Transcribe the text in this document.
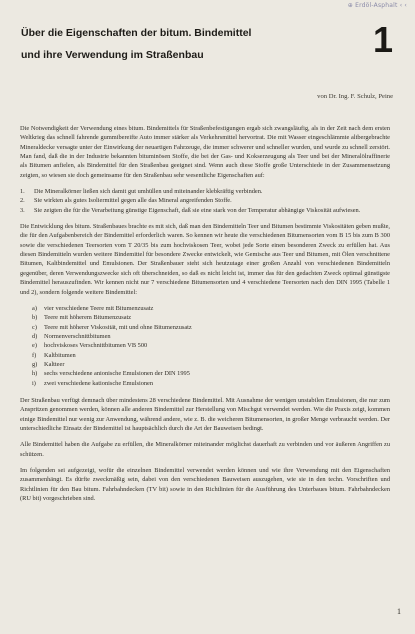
⊕ Erdöl-Asphalt ‹ ‹
Über die Eigenschaften der bitum. Bindemittel
und ihre Verwendung im Straßenbau	1
von Dr. Ing. F. Schulz, Peine

Die Notwendigkeit der Verwendung eines bitum. Bindemittels für Straßenbefestigungen ergab sich zwangsläufig, als in der Zeit nach dem ersten Weltkrieg das schnell fahrende gummibereifte Auto immer stärker als Verkehrsmittel hervortrat. Die mit Wasser eingeschlämmte altbergebrachte Mineraldecke versagte unter der Einwirkung der neuartigen Fahrzeuge, die immer schwerer und schneller wurden, und wurde zu schnell zerstört. Man fand, daß die in der Industrie bekannten bituminösen Stoffe, die bei der Gas- und Kokserzeugung als Teer und bei der Mineralölraffinerie als Bitumen anfielen, als Bindemittel für den Straßenbau geeignet sind. Wenn auch diese Stoffe große Unterschiede in der Zusammensetzung zeigten, so wiesen sie doch gemeinsame für den Straßenbau sehr wesentliche Eigenschaften auf:

1. Die Mineralkörner ließen sich damit gut umhüllen und miteinander klebkräftig verbinden.
2. Sie wirkten als gutes Isoliermittel gegen alle das Mineral angreifenden Stoffe.
3. Sie zeigten die für die Verarbeitung günstige Eigenschaft, daß sie eine stark von der Temperatur abhängige Viskosität aufwiesen.

Die Entwicklung des bitum. Straßenbaues brachte es mit sich, daß man den Bindemitteln Teer und Bitumen bestimmte Viskositäten geben mußte, die für den Aufgabenbereich der Bindemittel erforderlich waren. So kennen wir heute die verschiedenen Bitumensorten vom B 15 bis zum B 300 sowie die verschiedenen Teersorten vom T 20/35 bis zum hochviskosen Teer, wobei jede Sorte einen besonderen Zweck zu erfüllen hat. Aus diesen Bindemitteln wurden weitere Bindemittel für besondere Zwecke entwickelt, wie Gemische aus Teer und Bitumen, mit Ölen verschnittene Bitumen, Kaltbindemittel und Emulsionen. Der Straßenbauer steht sich heutzutage einer großen Anzahl von verschiedenen Bindemitteln gegenüber, deren Verwendungszwecke sich oft überschneiden, so daß es nicht leicht ist, immer das für den gedachten Zweck optimal günstigste Bindemittel herauszufinden. Wir kennen nicht nur 7 verschiedene Bitumensorten und 4 verschiedene Teersorten nach den DIN 1995 (Tabelle 1 und 2), sondern folgende weitere Bindemittel:

a) vier verschiedene Teere mit Bitumenzusatz
b) Teere mit höherem Bitumenzusatz
c) Teere mit höherer Viskosität, mit und ohne Bitumenzusatz
d) Normenverschnittbitumen
e) hochviskoses Verschnittbitumen VB 500
f) Kaltbitumen
g) Kaltteer
h) sechs verschiedene anionische Emulsionen der DIN 1995
i) zwei verschiedene kationische Emulsionen

Der Straßenbau verfügt demnach über mindestens 28 verschiedene Bindemittel. Mit Ausnahme der wenigen unstabilen Emulsionen, die nur zum Anspritzen genommen werden, können alle anderen Bindemittel zur Herstellung von Mischgut verwendet werden. Wie die Praxis zeigt, kommen einige Bindemittel nur wenig zur Anwendung, während andere, wie z. B. die weicheren Bitumensorten, in großer Menge verbraucht werden. Der unterschiedliche Einsatz der Bindemittel ist hauptsächlich durch die Art der Bauweisen bedingt.

Alle Bindemittel haben die Aufgabe zu erfüllen, die Mineralkörner miteinander möglichst dauerhaft zu verbinden und vor äußeren Angriffen zu schützen.

Im folgenden sei aufgezeigt, wofür die einzelnen Bindemittel verwendet werden können und wie ihre Verwendung mit den Eigenschaften zusammenhängt. Es dürfte zweckmäßig sein, dabei von den verschiedenen Bauweisen auszugehen, wie sie in den techn. Vorschriften und Richtlinien für den Bau bitum. Fahrbahndecken (TV bit) sowie in den Richtlinien für die Ausführung des Unterbaues bitum. Fahrbahndecken (RU bit) vorgeschrieben sind.

1
